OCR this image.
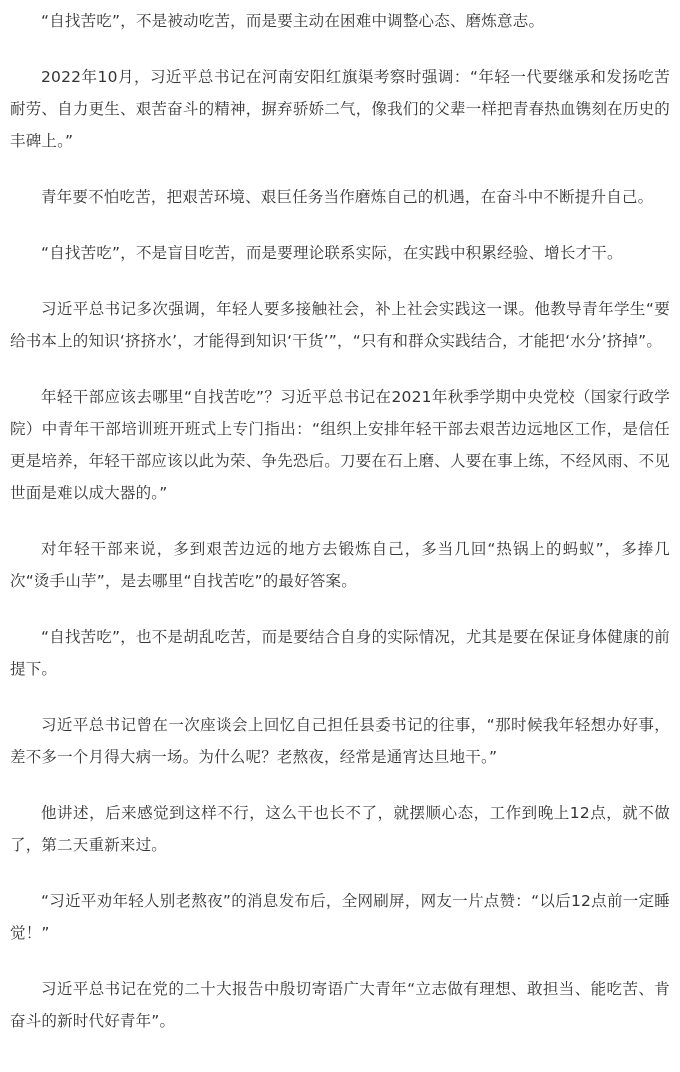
“自找苦吃”，不是被动吃苦，而是要主动在困难中调整心态、磨炼意志。

2022年10月，习近平总书记在河南安阳红旗渠考察时强调：“年轻一代要继承和发扬吃苦耐劳、自力更生、艰苦奋斗的精神，摒弃骄娇二气，像我们的父辈一样把青春热血镌刻在历史的丰碑上。”

青年要不怕吃苦，把艰苦环境、艰巨任务当作磨炼自己的机遇，在奋斗中不断提升自己。

“自找苦吃”，不是盲目吃苦，而是要理论联系实际，在实践中积累经验、增长才干。

习近平总书记多次强调，年轻人要多接触社会，补上社会实践这一课。他教导青年学生“要给书本上的知识‘挤挤水’，才能得到知识‘干货’”，“只有和群众实践结合，才能把‘水分’挤掉”。

年轻干部应该去哪里“自找苦吃”？习近平总书记在2021年秋季学期中央党校（国家行政学院）中青年干部培训班开班式上专门指出：“组织上安排年轻干部去艰苦边远地区工作，是信任更是培养，年轻干部应该以此为荣、争先恐后。刀要在石上磨、人要在事上练，不经风雨、不见世面是难以成大器的。”

对年轻干部来说，多到艰苦边远的地方去锻炼自己，多当几回“热锅上的蚂蚁”，多捧几次“烫手山芋”，是去哪里“自找苦吃”的最好答案。

“自找苦吃”，也不是胡乱吃苦，而是要结合自身的实际情况，尤其是要在保证身体健康的前提下。

习近平总书记曾在一次座谈会上回忆自己担任县委书记的往事，“那时候我年轻想办好事，差不多一个月得大病一场。为什么呢？老熬夜，经常是通宵达旦地干。”

他讲述，后来感觉到这样不行，这么干也长不了，就摆顺心态，工作到晚上12点，就不做了，第二天重新来过。

“习近平劝年轻人别老熬夜”的消息发布后，全网刷屏，网友一片点赞：“以后12点前一定睡觉！”

习近平总书记在党的二十大报告中殷切寄语广大青年“立志做有理想、敢担当、能吃苦、肯奋斗的新时代好青年”。
